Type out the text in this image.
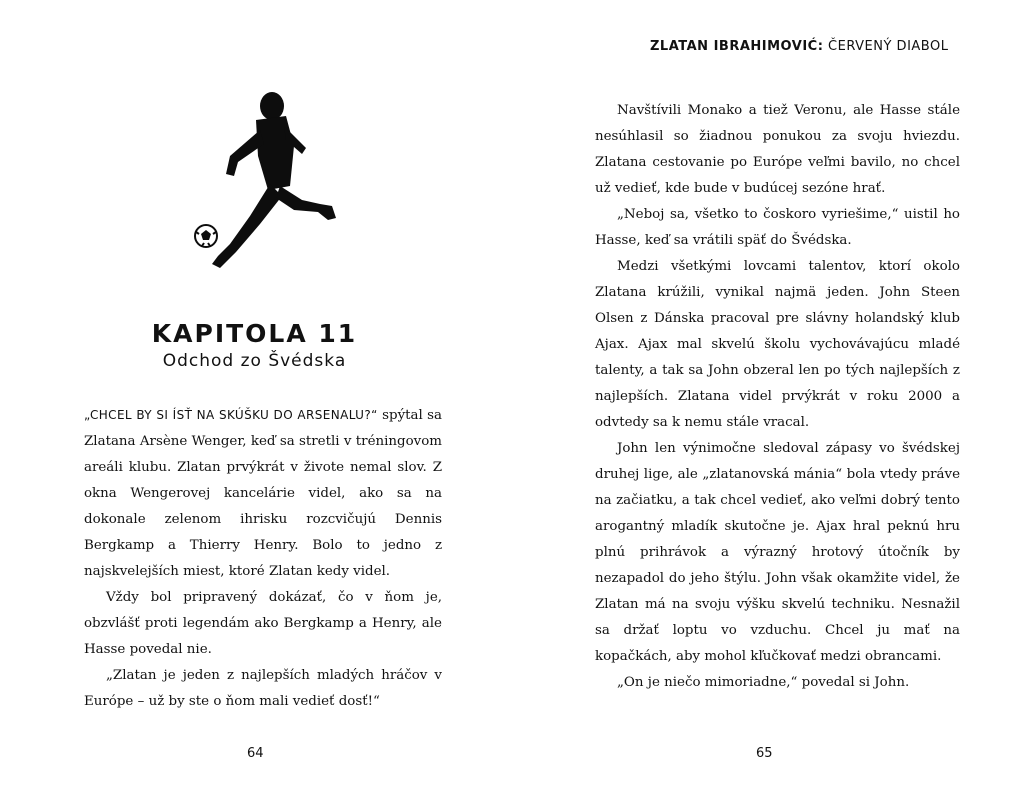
KAPITOLA 11
Odchod zo Švédska

„CHCEL BY SI ÍSŤ NA SKÚŠKU DO ARSENALU?“ spýtal sa Zlatana Arsène Wenger, keď sa stretli v tréningovom areáli klubu. Zlatan prvýkrát v živote nemal slov. Z okna Wengerovej kancelárie videl, ako sa na dokonale zelenom ihrisku rozcvičujú Dennis Bergkamp a Thierry Henry. Bolo to jedno z najskvelejších miest, ktoré Zlatan kedy videl.

Vždy bol pripravený dokázať, čo v ňom je, obzvlášť proti legendám ako Bergkamp a Henry, ale Hasse povedal nie.

„Zlatan je jeden z najlepších mladých hráčov v Európe – už by ste o ňom mali vedieť dosť!“

64
ZLATAN IBRAHIMOVIĆ: ČERVENÝ DIABOL

Navštívili Monako a tiež Veronu, ale Hasse stále nesúhlasil so žiadnou ponukou za svoju hviezdu. Zlatana cestovanie po Európe veľmi bavilo, no chcel už vedieť, kde bude v budúcej sezóne hrať.

„Neboj sa, všetko to čoskoro vyriešime,“ uistil ho Hasse, keď sa vrátili späť do Švédska.

Medzi všetkými lovcami talentov, ktorí okolo Zlatana krúžili, vynikal najmä jeden. John Steen Olsen z Dánska pracoval pre slávny holandský klub Ajax. Ajax mal skvelú školu vychovávajúcu mladé talenty, a tak sa John obzeral len po tých najlepších z najlepších. Zlatana videl prvýkrát v roku 2000 a odvtedy sa k nemu stále vracal.

John len výnimočne sledoval zápasy vo švédskej druhej lige, ale „zlatanovská mánia“ bola vtedy práve na začiatku, a tak chcel vedieť, ako veľmi dobrý tento arogantný mladík skutočne je. Ajax hral peknú hru plnú prihrávok a výrazný hrotový útočník by nezapadol do jeho štýlu. John však okamžite videl, že Zlatan má na svoju výšku skvelú techniku. Nesnažil sa držať loptu vo vzduchu. Chcel ju mať na kopačkách, aby mohol kľučkovať medzi obrancami.

„On je niečo mimoriadne,“ povedal si John.

65
